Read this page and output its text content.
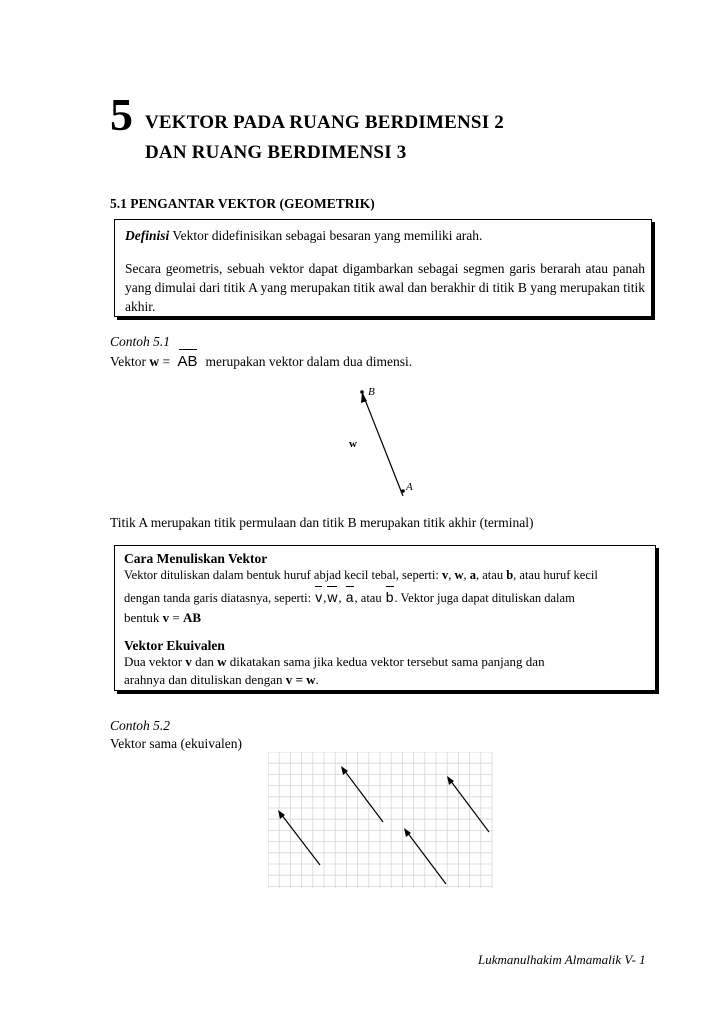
5 VEKTOR PADA RUANG BERDIMENSI 2
DAN RUANG BERDIMENSI 3
5.1 PENGANTAR VEKTOR (GEOMETRIK)

Definisi Vektor didefinisikan sebagai besaran yang memiliki arah.

Secara geometris, sebuah vektor dapat digambarkan sebagai segmen garis berarah atau panah yang dimulai dari titik A yang merupakan titik awal dan berakhir di titik B yang merupakan titik akhir.

Contoh 5.1
Vektor w = AB merupakan vektor dalam dua dimensi.
B
A
w
Titik A merupakan titik permulaan dan titik B merupakan titik akhir (terminal)
Cara Menuliskan Vektor
Vektor dituliskan dalam bentuk huruf abjad kecil tebal, seperti: v, w, a, atau b, atau huruf kecil
dengan tanda garis diatasnya, seperti: v,w, a, atau b. Vektor juga dapat dituliskan dalam
bentuk v = AB
Vektor Ekuivalen
Dua vektor v dan w dikatakan sama jika kedua vektor tersebut sama panjang dan
arahnya dan dituliskan dengan v = w.
Contoh 5.2
Vektor sama (ekuivalen)
Lukmanulhakim Almamalik V- 1
